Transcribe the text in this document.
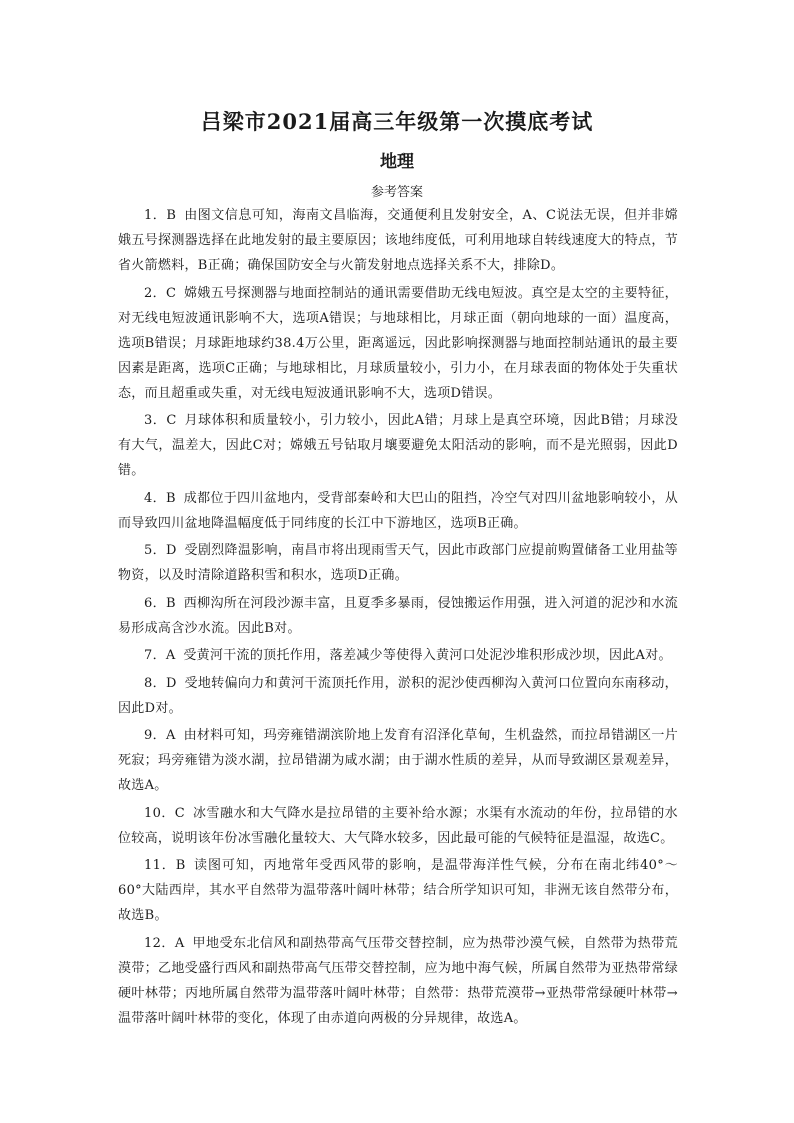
吕梁市2021届高三年级第一次摸底考试
地理
参考答案

1．B 由图文信息可知，海南文昌临海，交通便利且发射安全，A、C说法无误，但并非嫦娥五号探测器选择在此地发射的最主要原因；该地纬度低，可利用地球自转线速度大的特点，节省火箭燃料，B正确；确保国防安全与火箭发射地点选择关系不大，排除D。

2．C 嫦娥五号探测器与地面控制站的通讯需要借助无线电短波。真空是太空的主要特征，对无线电短波通讯影响不大，选项A错误；与地球相比，月球正面（朝向地球的一面）温度高，选项B错误；月球距地球约38.4万公里，距离遥远，因此影响探测器与地面控制站通讯的最主要因素是距离，选项C正确；与地球相比，月球质量较小，引力小，在月球表面的物体处于失重状态，而且超重或失重，对无线电短波通讯影响不大，选项D错误。

3．C 月球体积和质量较小，引力较小，因此A错；月球上是真空环境，因此B错；月球没有大气，温差大，因此C对；嫦娥五号钻取月壤要避免太阳活动的影响，而不是光照弱，因此D错。

4．B 成都位于四川盆地内，受背部秦岭和大巴山的阻挡，冷空气对四川盆地影响较小，从而导致四川盆地降温幅度低于同纬度的长江中下游地区，选项B正确。

5．D 受剧烈降温影响，南昌市将出现雨雪天气，因此市政部门应提前购置储备工业用盐等物资，以及时清除道路积雪和积水，选项D正确。

6．B 西柳沟所在河段沙源丰富，且夏季多暴雨，侵蚀搬运作用强，进入河道的泥沙和水流易形成高含沙水流。因此B对。

7．A 受黄河干流的顶托作用，落差减少等使得入黄河口处泥沙堆积形成沙坝，因此A对。

8．D 受地转偏向力和黄河干流顶托作用，淤积的泥沙使西柳沟入黄河口位置向东南移动，因此D对。

9．A 由材料可知，玛旁雍错湖滨阶地上发育有沼泽化草甸，生机盎然，而拉昂错湖区一片死寂；玛旁雍错为淡水湖，拉昂错湖为咸水湖；由于湖水性质的差异，从而导致湖区景观差异，故选A。

10．C 冰雪融水和大气降水是拉昂错的主要补给水源；水渠有水流动的年份，拉昂错的水位较高，说明该年份冰雪融化量较大、大气降水较多，因此最可能的气候特征是温湿，故选C。

11．B 读图可知，丙地常年受西风带的影响，是温带海洋性气候，分布在南北纬40°～60°大陆西岸，其水平自然带为温带落叶阔叶林带；结合所学知识可知，非洲无该自然带分布，故选B。

12．A 甲地受东北信风和副热带高气压带交替控制，应为热带沙漠气候，自然带为热带荒漠带；乙地受盛行西风和副热带高气压带交替控制，应为地中海气候，所属自然带为亚热带常绿硬叶林带；丙地所属自然带为温带落叶阔叶林带；自然带：热带荒漠带→亚热带常绿硬叶林带→温带落叶阔叶林带的变化，体现了由赤道向两极的分异规律，故选A。
